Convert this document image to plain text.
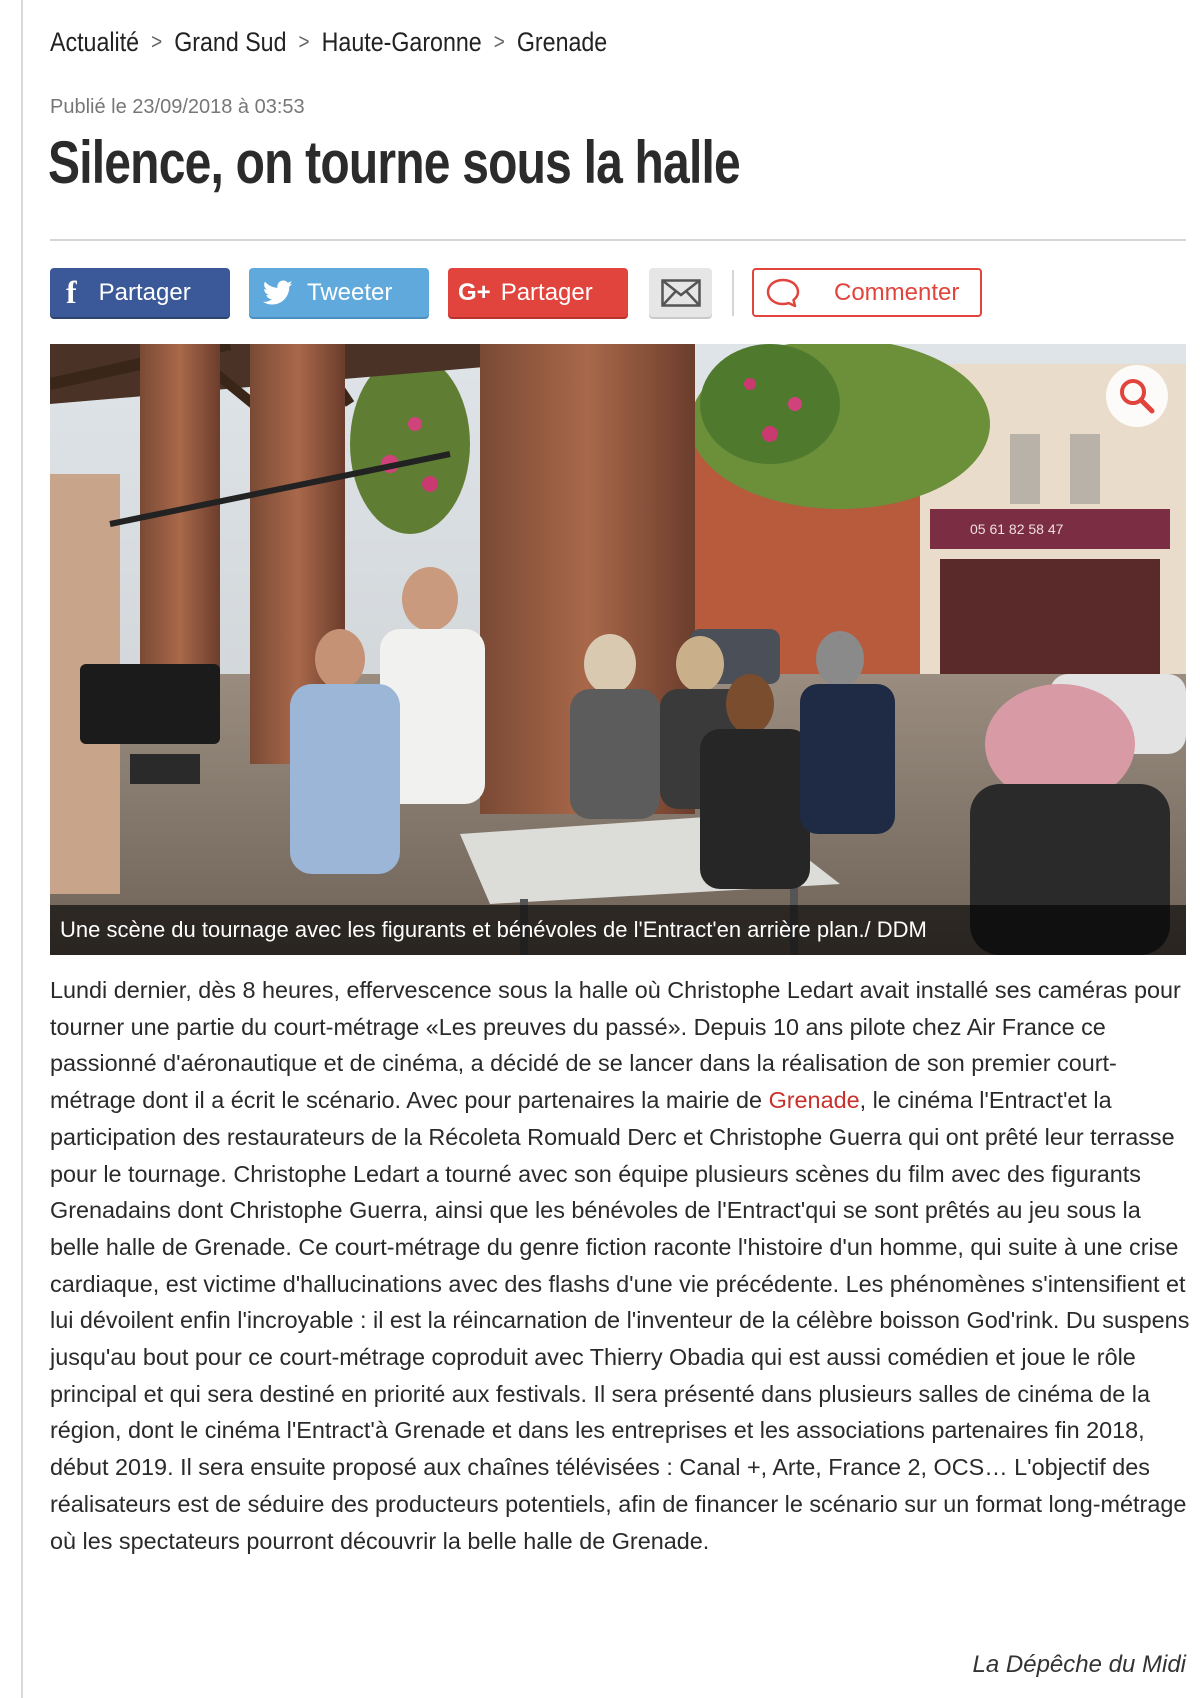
Actualité > Grand Sud > Haute-Garonne > Grenade
Publié le 23/09/2018 à 03:53
Silence, on tourne sous la halle
f Partager	Tweeter	G+ Partager	Commenter
05 61 82 58 47
Une scène du tournage avec les figurants et bénévoles de l'Entract'en arrière plan./ DDM
Lundi dernier, dès 8 heures, effervescence sous la halle où Christophe Ledart avait installé ses caméras pour tourner une partie du court-métrage «Les preuves du passé». Depuis 10 ans pilote chez Air France ce passionné d'aéronautique et de cinéma, a décidé de se lancer dans la réalisation de son premier court-métrage dont il a écrit le scénario. Avec pour partenaires la mairie de Grenade, le cinéma l'Entract'et la participation des restaurateurs de la Récoleta Romuald Derc et Christophe Guerra qui ont prêté leur terrasse pour le tournage. Christophe Ledart a tourné avec son équipe plusieurs scènes du film avec des figurants Grenadains dont Christophe Guerra, ainsi que les bénévoles de l'Entract'qui se sont prêtés au jeu sous la belle halle de Grenade. Ce court-métrage du genre fiction raconte l'histoire d'un homme, qui suite à une crise cardiaque, est victime d'hallucinations avec des flashs d'une vie précédente. Les phénomènes s'intensifient et lui dévoilent enfin l'incroyable : il est la réincarnation de l'inventeur de la célèbre boisson God'rink. Du suspens jusqu'au bout pour ce court-métrage coproduit avec Thierry Obadia qui est aussi comédien et joue le rôle principal et qui sera destiné en priorité aux festivals. Il sera présenté dans plusieurs salles de cinéma de la région, dont le cinéma l'Entract'à Grenade et dans les entreprises et les associations partenaires fin 2018, début 2019. Il sera ensuite proposé aux chaînes télévisées : Canal +, Arte, France 2, OCS… L'objectif des réalisateurs est de séduire des producteurs potentiels, afin de financer le scénario sur un format long-métrage où les spectateurs pourront découvrir la belle halle de Grenade.
La Dépêche du Midi
